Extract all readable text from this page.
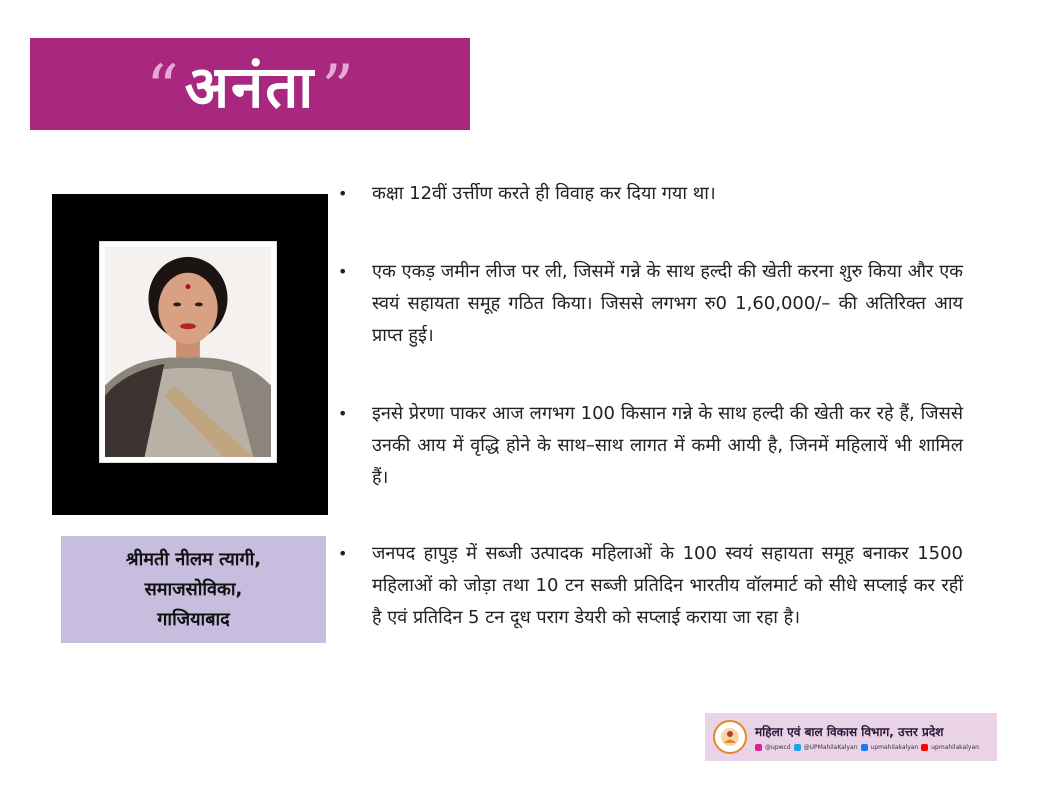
“ अनंता ”
श्रीमती नीलम त्यागी,
समाजसोविका,
गाजियाबाद
• कक्षा 12वीं उर्त्तीण करते ही विवाह कर दिया गया था।
• एक एकड़ जमीन लीज पर ली, जिसमें गन्ने के साथ हल्दी की खेती करना शुरु किया और एक स्वयं सहायता समूह गठित किया। जिससे लगभग रु0 1,60,000/– की अतिरिक्त आय प्राप्त हुई।
• इनसे प्रेरणा पाकर आज लगभग 100 किसान गन्ने के साथ हल्दी की खेती कर रहे हैं, जिससे उनकी आय में वृद्धि होने के साथ–साथ लागत में कमी आयी है, जिनमें महिलायें भी शामिल हैं।
• जनपद हापुड़ में सब्जी उत्पादक महिलाओं के 100 स्वयं सहायता समूह बनाकर 1500 महिलाओं को जोड़ा तथा 10 टन सब्जी प्रतिदिन भारतीय वॉलमार्ट को सीधे सप्लाई कर रहीं है एवं प्रतिदिन 5 टन दूध पराग डेयरी को सप्लाई कराया जा रहा है।
महिला एवं बाल विकास विभाग, उत्तर प्रदेश
@upwcd @UPMahilaKalyan upmahilakalyan upmahilakalyan
